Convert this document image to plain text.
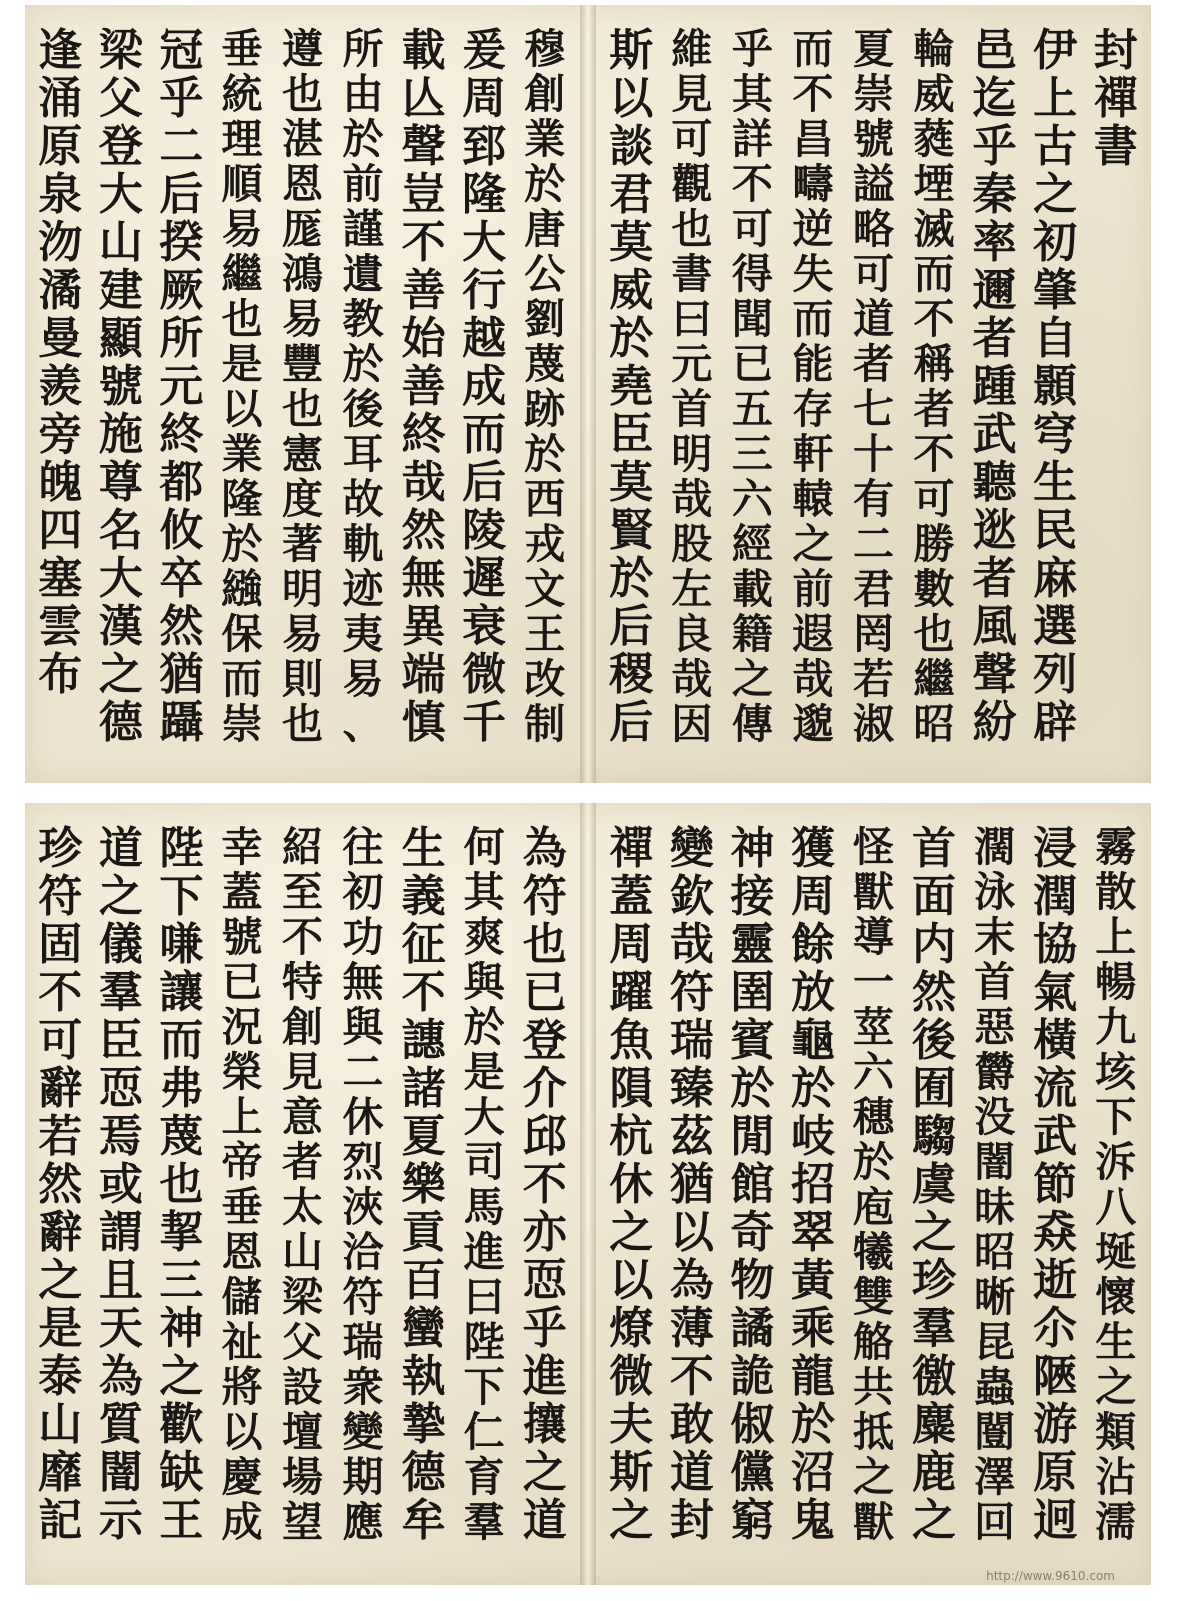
穆
創
業
於
唐
公
劉
蔑
跡
於
西
戎
文
王
改
制
爰
周
郅
隆
大
行
越
成
而
后
陵
遲
衰
微
千
載
亾
聲
豈
不
善
始
善
終
哉
然
無
異
端
慎
所
由
於
前
謹
遺
教
於
後
耳
故
軌
迹
夷
易
、
遵
也
湛
恩
厖
鴻
易
豐
也
憲
度
著
明
易
則
也
垂
統
理
順
易
繼
也
是
以
業
隆
於
繈
保
而
崇
冠
乎
二
后
揆
厥
所
元
終
都
攸
卒
然
猶
躡
梁
父
登
大
山
建
顯
號
施
尊
名
大
漢
之
德
逢
涌
原
泉
沕
潏
曼
羨
旁
魄
四
塞
雲
布
封
禪
書
伊
上
古
之
初
肇
自
顥
穹
生
民
麻
選
列
辟
邑
迄
乎
秦
率
邇
者
踵
武
聽
逖
者
風
聲
紛
輪
威
蕤
堙
滅
而
不
稱
者
不
可
勝
數
也
繼
昭
夏
崇
號
謚
略
可
道
者
七
十
有
二
君
罔
若
淑
而
不
昌
疇
逆
失
而
能
存
軒
轅
之
前
遐
哉
邈
乎
其
詳
不
可
得
聞
已
五
三
六
經
載
籍
之
傳
維
見
可
觀
也
書
曰
元
首
明
哉
股
左
良
哉
因
斯
以
談
君
莫
威
於
堯
臣
莫
賢
於
后
稷
后
為
符
也
已
登
介
邱
不
亦
恧
乎
進
攘
之
道
何
其
爽
與
於
是
大
司
馬
進
曰
陛
下
仁
育
羣
生
義
征
不
譓
諸
夏
樂
貢
百
蠻
執
摯
德
牟
往
初
功
無
與
二
休
烈
浹
洽
符
瑞
衆
變
期
應
紹
至
不
特
創
見
意
者
太
山
梁
父
設
壇
場
望
幸
蓋
號
已
況
榮
上
帝
垂
恩
儲
祉
將
以
慶
成
陛
下
嗛
讓
而
弗
蔑
也
挈
三
神
之
歡
缺
王
道
之
儀
羣
臣
恧
焉
或
謂
且
天
為
質
闇
示
珍
符
固
不
可
辭
若
然
辭
之
是
泰
山
靡
記
霧
散
上
暢
九
垓
下
泝
八
埏
懷
生
之
類
沾
濡
浸
潤
協
氣
橫
流
武
節
猋
逝
尒
陿
游
原
迥
濶
泳
末
首
惡
欝
没
闇
昧
昭
晰
昆
蟲
闓
澤
回
首
面
内
然
後
囿
騶
虞
之
珍
羣
徼
麋
鹿
之
怪
獸
導
一
莖
六
穗
於
庖
犧
雙
觡
共
抵
之
獸
獲
周
餘
放
龜
於
岐
招
翠
黃
乘
龍
於
沼
鬼
神
接
靈
圉
賓
於
閒
館
奇
物
譎
詭
俶
儻
窮
變
欽
哉
符
瑞
臻
茲
猶
以
為
薄
不
敢
道
封
禪
蓋
周
躍
魚
隕
杭
休
之
以
燎
微
夫
斯
之
http://www.9610.com
